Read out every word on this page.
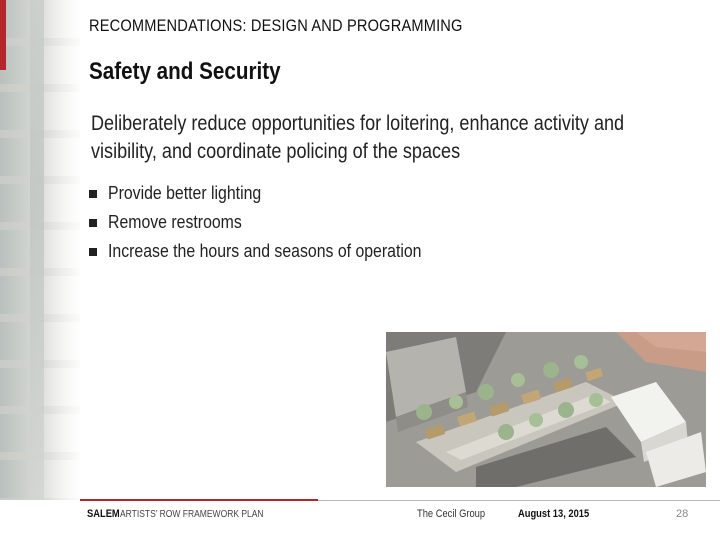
RECOMMENDATIONS: DESIGN AND PROGRAMMING
Safety and Security
Deliberately reduce opportunities for loitering, enhance activity and visibility, and coordinate policing of the spaces
Provide better lighting
Remove restrooms
Increase the hours and seasons of operation
SALEM ARTISTS’ ROW FRAMEWORK PLAN	The Cecil Group	August 13, 2015	28
